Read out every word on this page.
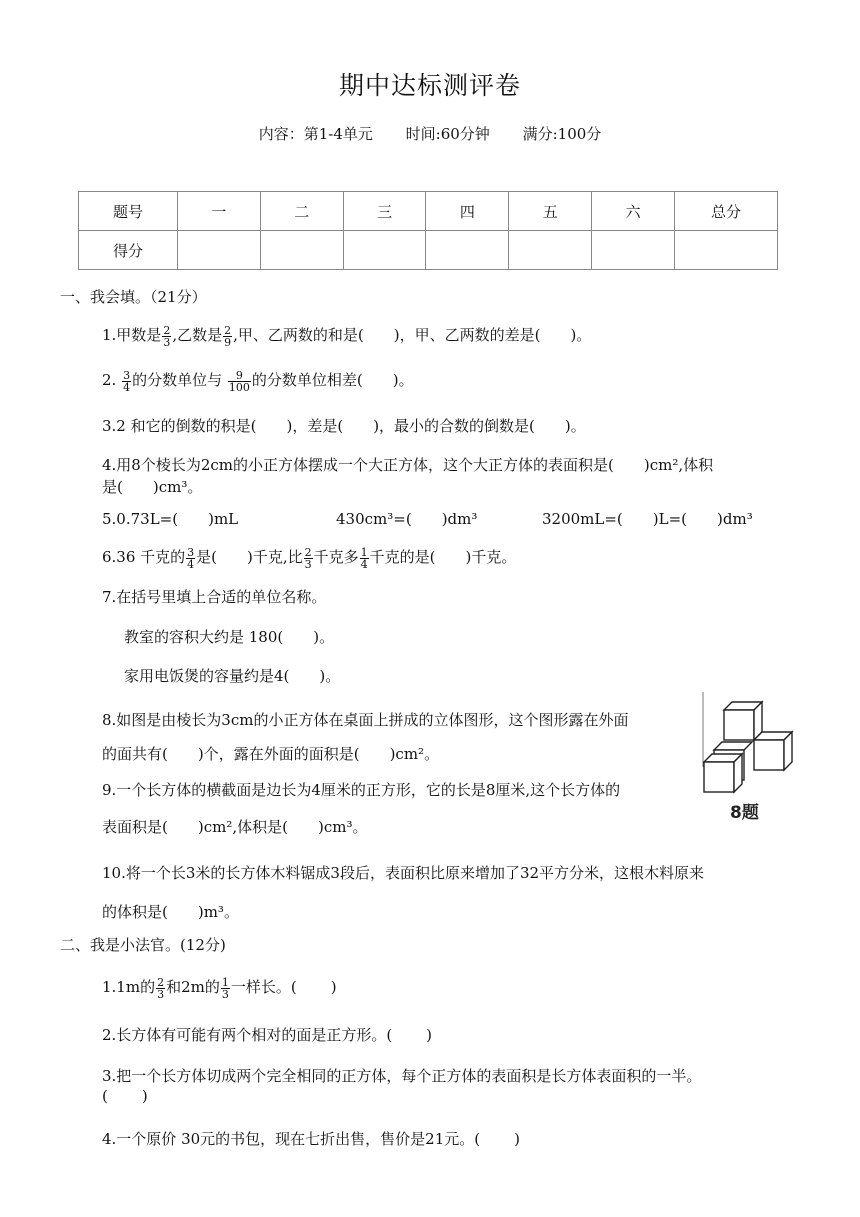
期中达标测评卷
内容：第1-4单元 时间:60分钟 满分:100分
题号	一	二	三	四	五	六	总分
得分							
一、我会填。（21分）
1.甲数是 $\frac{2}{3}$ ,乙数是 $\frac{2}{9}$ ,甲、乙两数的和是( )，甲、乙两数的差是( )。
2. $\frac{3}{4}$ 的分数单位与 $\frac{9}{100}$ 的分数单位相差( )。
3.2 和它的倒数的积是( )，差是( )，最小的合数的倒数是( )。
4.用8个棱长为2cm的小正方体摆成一个大正方体，这个大正方体的表面积是( )cm²,体积
是( )cm³。
5.0.73L=( )mL	430cm³=( )dm³	3200mL=( )L=( )dm³
6.36 千克的 $\frac{3}{4}$ 是( )千克,比 $\frac{2}{3}$ 千克多 $\frac{1}{4}$ 千克的是( )千克。
7.在括号里填上合适的单位名称。
教室的容积大约是 180( )。
家用电饭煲的容量约是4( )。
8.如图是由棱长为3cm的小正方体在桌面上拼成的立体图形，这个图形露在外面
的面共有( )个，露在外面的面积是( )cm²。
9.一个长方体的横截面是边长为4厘米的正方形，它的长是8厘米,这个长方体的
表面积是( )cm²,体积是( )cm³。
10.将一个长3米的长方体木料锯成3段后，表面积比原来增加了32平方分米，这根木料原来
的体积是( )m³。
8题
二、我是小法官。(12分)
1.1m的 $\frac{2}{3}$ 和2m的 $\frac{1}{3}$ 一样长。( )
2.长方体有可能有两个相对的面是正方形。( )
3.把一个长方体切成两个完全相同的正方体，每个正方体的表面积是长方体表面积的一半。
( )
4.一个原价 30元的书包，现在七折出售，售价是21元。( )
